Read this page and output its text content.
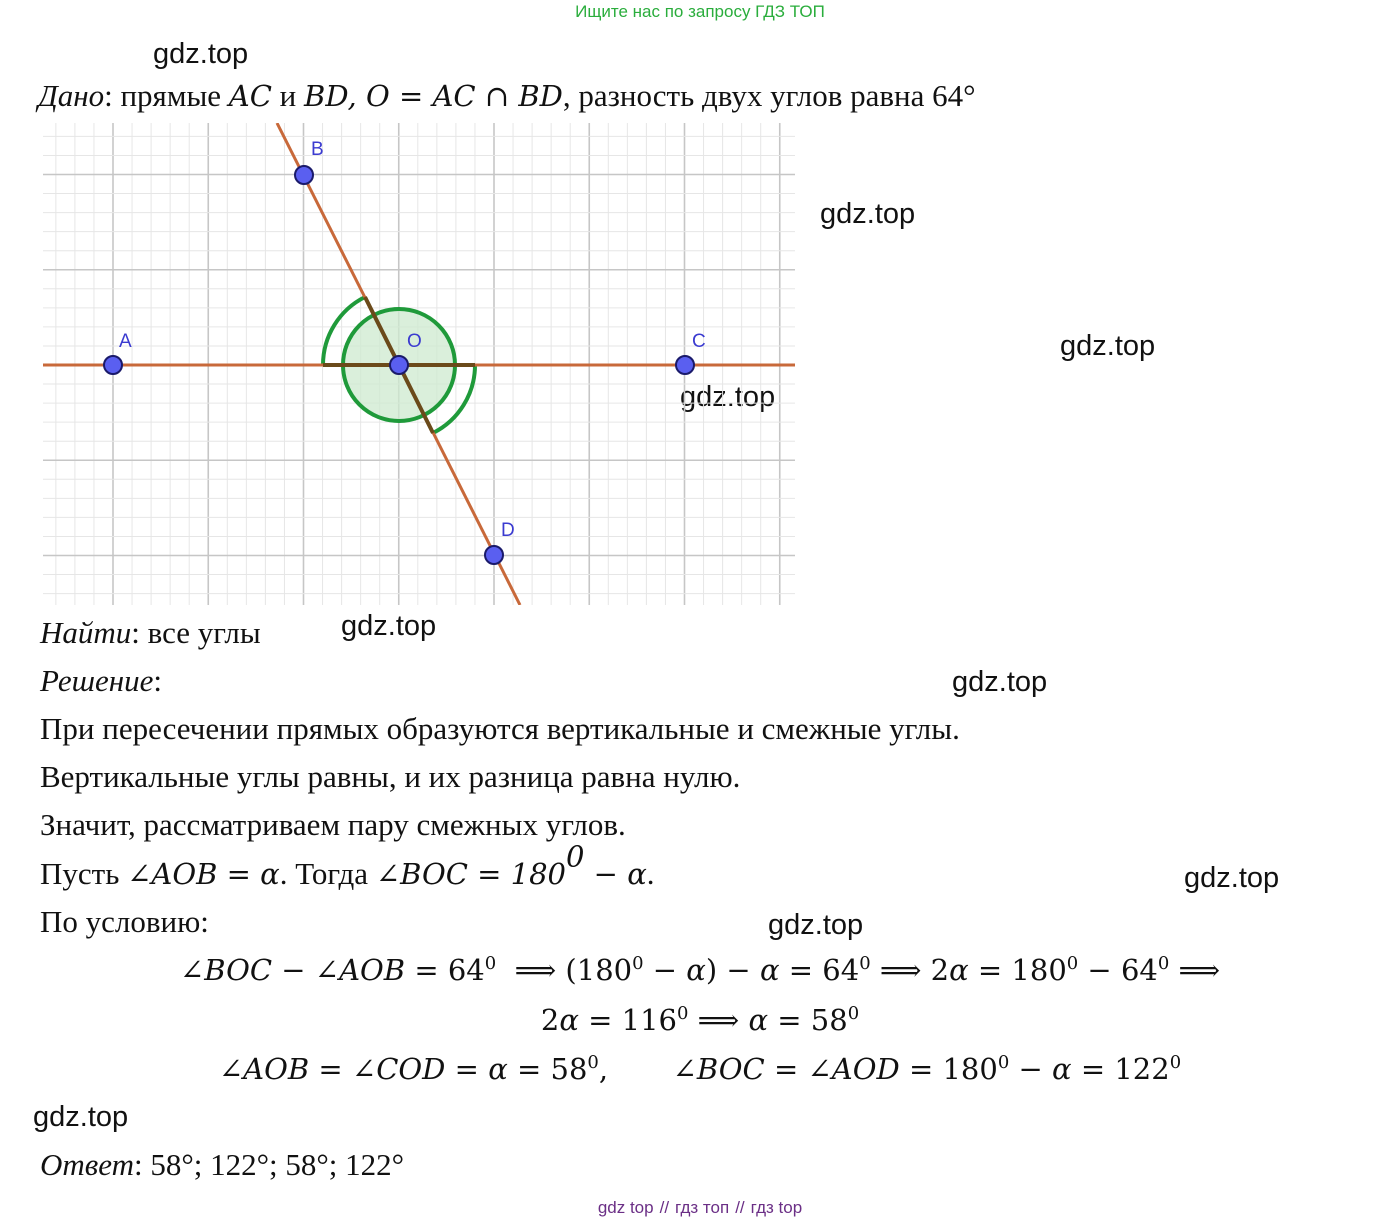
Ищите нас по запросу ГДЗ ТОП
gdz.top
gdz.top
gdz.top
gdz.top
gdz.top
gdz.top
gdz.top
gdz.top
gdz.top
Дано: прямые AC и BD, O = AC ∩ BD, разность двух углов равна 64°
A
B
C
D
O
Найти: все углы
Решение:
При пересечении прямых образуются вертикальные и смежные углы.
Вертикальные углы равны, и их разница равна нулю.
Значит, рассматриваем пару смежных углов.
Пусть ∠AOB = α. Тогда ∠BOC = $180^0 - \alpha$.
По условию:
∠BOC − ∠AOB = $64^0$  ⟹ $(180^0 - \alpha) - \alpha = 64^0$ ⟹ $2\alpha = 180^0 - 64^0$ ⟹
$2\alpha = 116^0$ ⟹ $\alpha = 58^0$
∠AOB = ∠COD = $\alpha = 58^0$,       ∠BOC = ∠AOD = $180^0 - \alpha = 122^0$
Ответ: 58°; 122°; 58°; 122°
gdz top // гдз топ // гдз top
